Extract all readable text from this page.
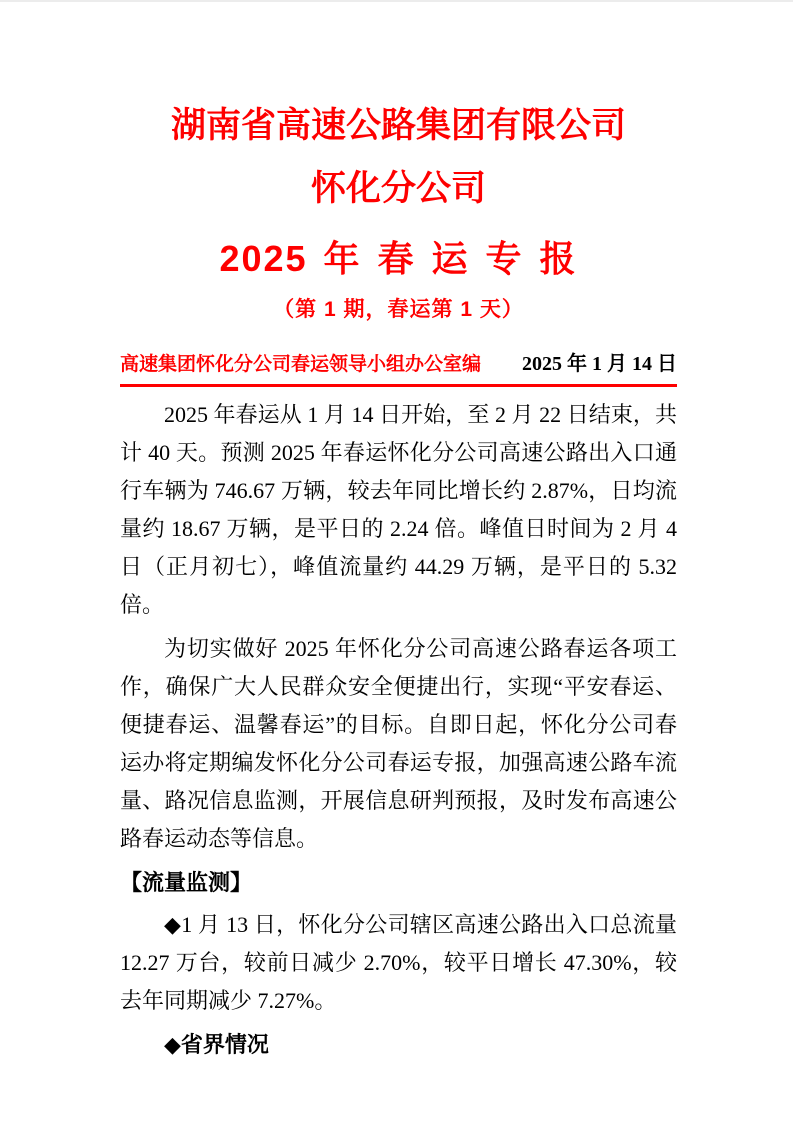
湖南省高速公路集团有限公司
怀化分公司
2025 年 春 运 专 报
（第 1 期，春运第 1 天）
高速集团怀化分公司春运领导小组办公室编 2025 年 1 月 14 日

2025 年春运从 1 月 14 日开始，至 2 月 22 日结束，共计 40 天。预测 2025 年春运怀化分公司高速公路出入口通行车辆为 746.67 万辆，较去年同比增长约 2.87%，日均流量约 18.67 万辆，是平日的 2.24 倍。峰值日时间为 2 月 4 日（正月初七），峰值流量约 44.29 万辆，是平日的 5.32 倍。

为切实做好 2025 年怀化分公司高速公路春运各项工作，确保广大人民群众安全便捷出行，实现“平安春运、便捷春运、温馨春运”的目标。自即日起，怀化分公司春运办将定期编发怀化分公司春运专报，加强高速公路车流量、路况信息监测，开展信息研判预报，及时发布高速公路春运动态等信息。

【流量监测】

◆1 月 13 日，怀化分公司辖区高速公路出入口总流量 12.27 万台，较前日减少 2.70%，较平日增长 47.30%，较去年同期减少 7.27%。

◆省界情况
